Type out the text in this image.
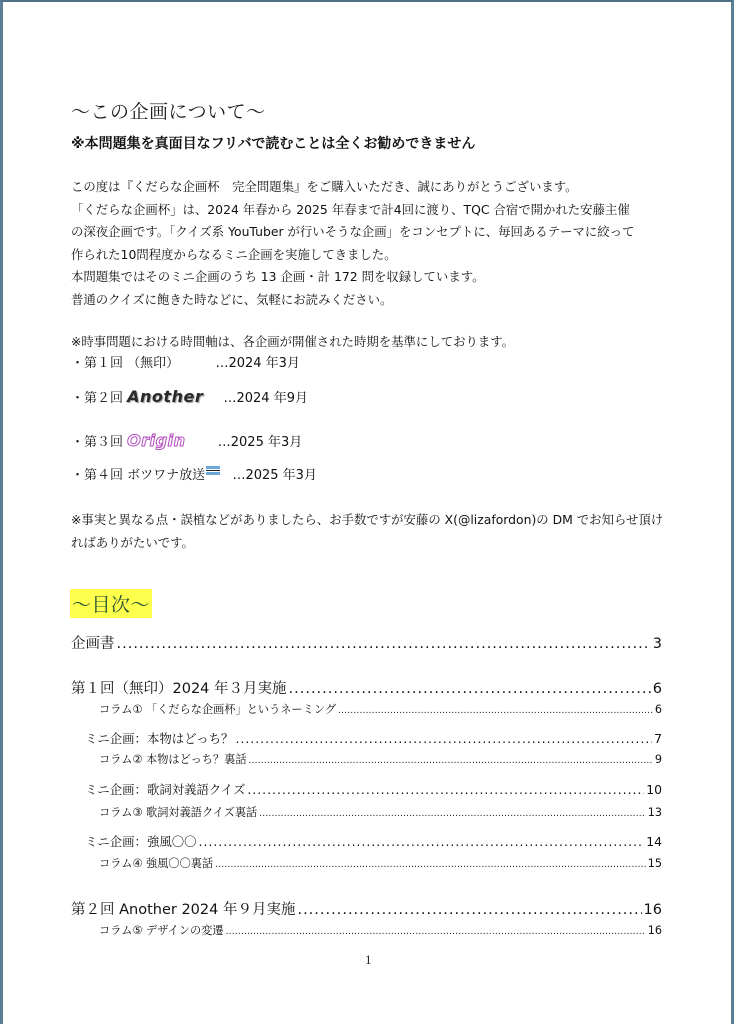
～この企画について～
※本問題集を真面目なフリバで読むことは全くお勧めできません
この度は『くだらな企画杯　完全問題集』をご購入いただき、誠にありがとうございます。
「くだらな企画杯」は、2024 年春から 2025 年春まで計4回に渡り、TQC 合宿で開かれた安藤主催
の深夜企画です。「クイズ系 YouTuber が行いそうな企画」をコンセプトに、毎回あるテーマに絞って
作られた10問程度からなるミニ企画を実施してきました。
本問題集ではそのミニ企画のうち 13 企画・計 172 問を収録しています。
普通のクイズに飽きた時などに、気軽にお読みください。
※時事問題における時間軸は、各企画が開催された時期を基準にしております。
・第１回 （無印）	…2024 年3月
・第２回 Another …2024 年9月
・第３回 Origin …2025 年3月
・第４回 ボツワナ放送 …2025 年3月
※事実と異なる点・誤植などがありましたら、お手数ですが安藤の X(@lizafordon)の DM でお知らせ頂ければありがたいです。
～目次～
企画書 .....	3
第１回（無印）2024 年３月実施 .....	6
コラム① 「くだらな企画杯」というネーミング .....	6
ミニ企画：本物はどっち？ .....	7
コラム② 本物はどっち？裏話 .....	9
ミニ企画：歌詞対義語クイズ .....	10
コラム③ 歌詞対義語クイズ裏話 .....	13
ミニ企画：強風〇〇 .....	14
コラム④ 強風〇〇裏話 .....	15
第２回 Another 2024 年９月実施 .....	16
コラム⑤ デザインの変遷 .....	16
1
